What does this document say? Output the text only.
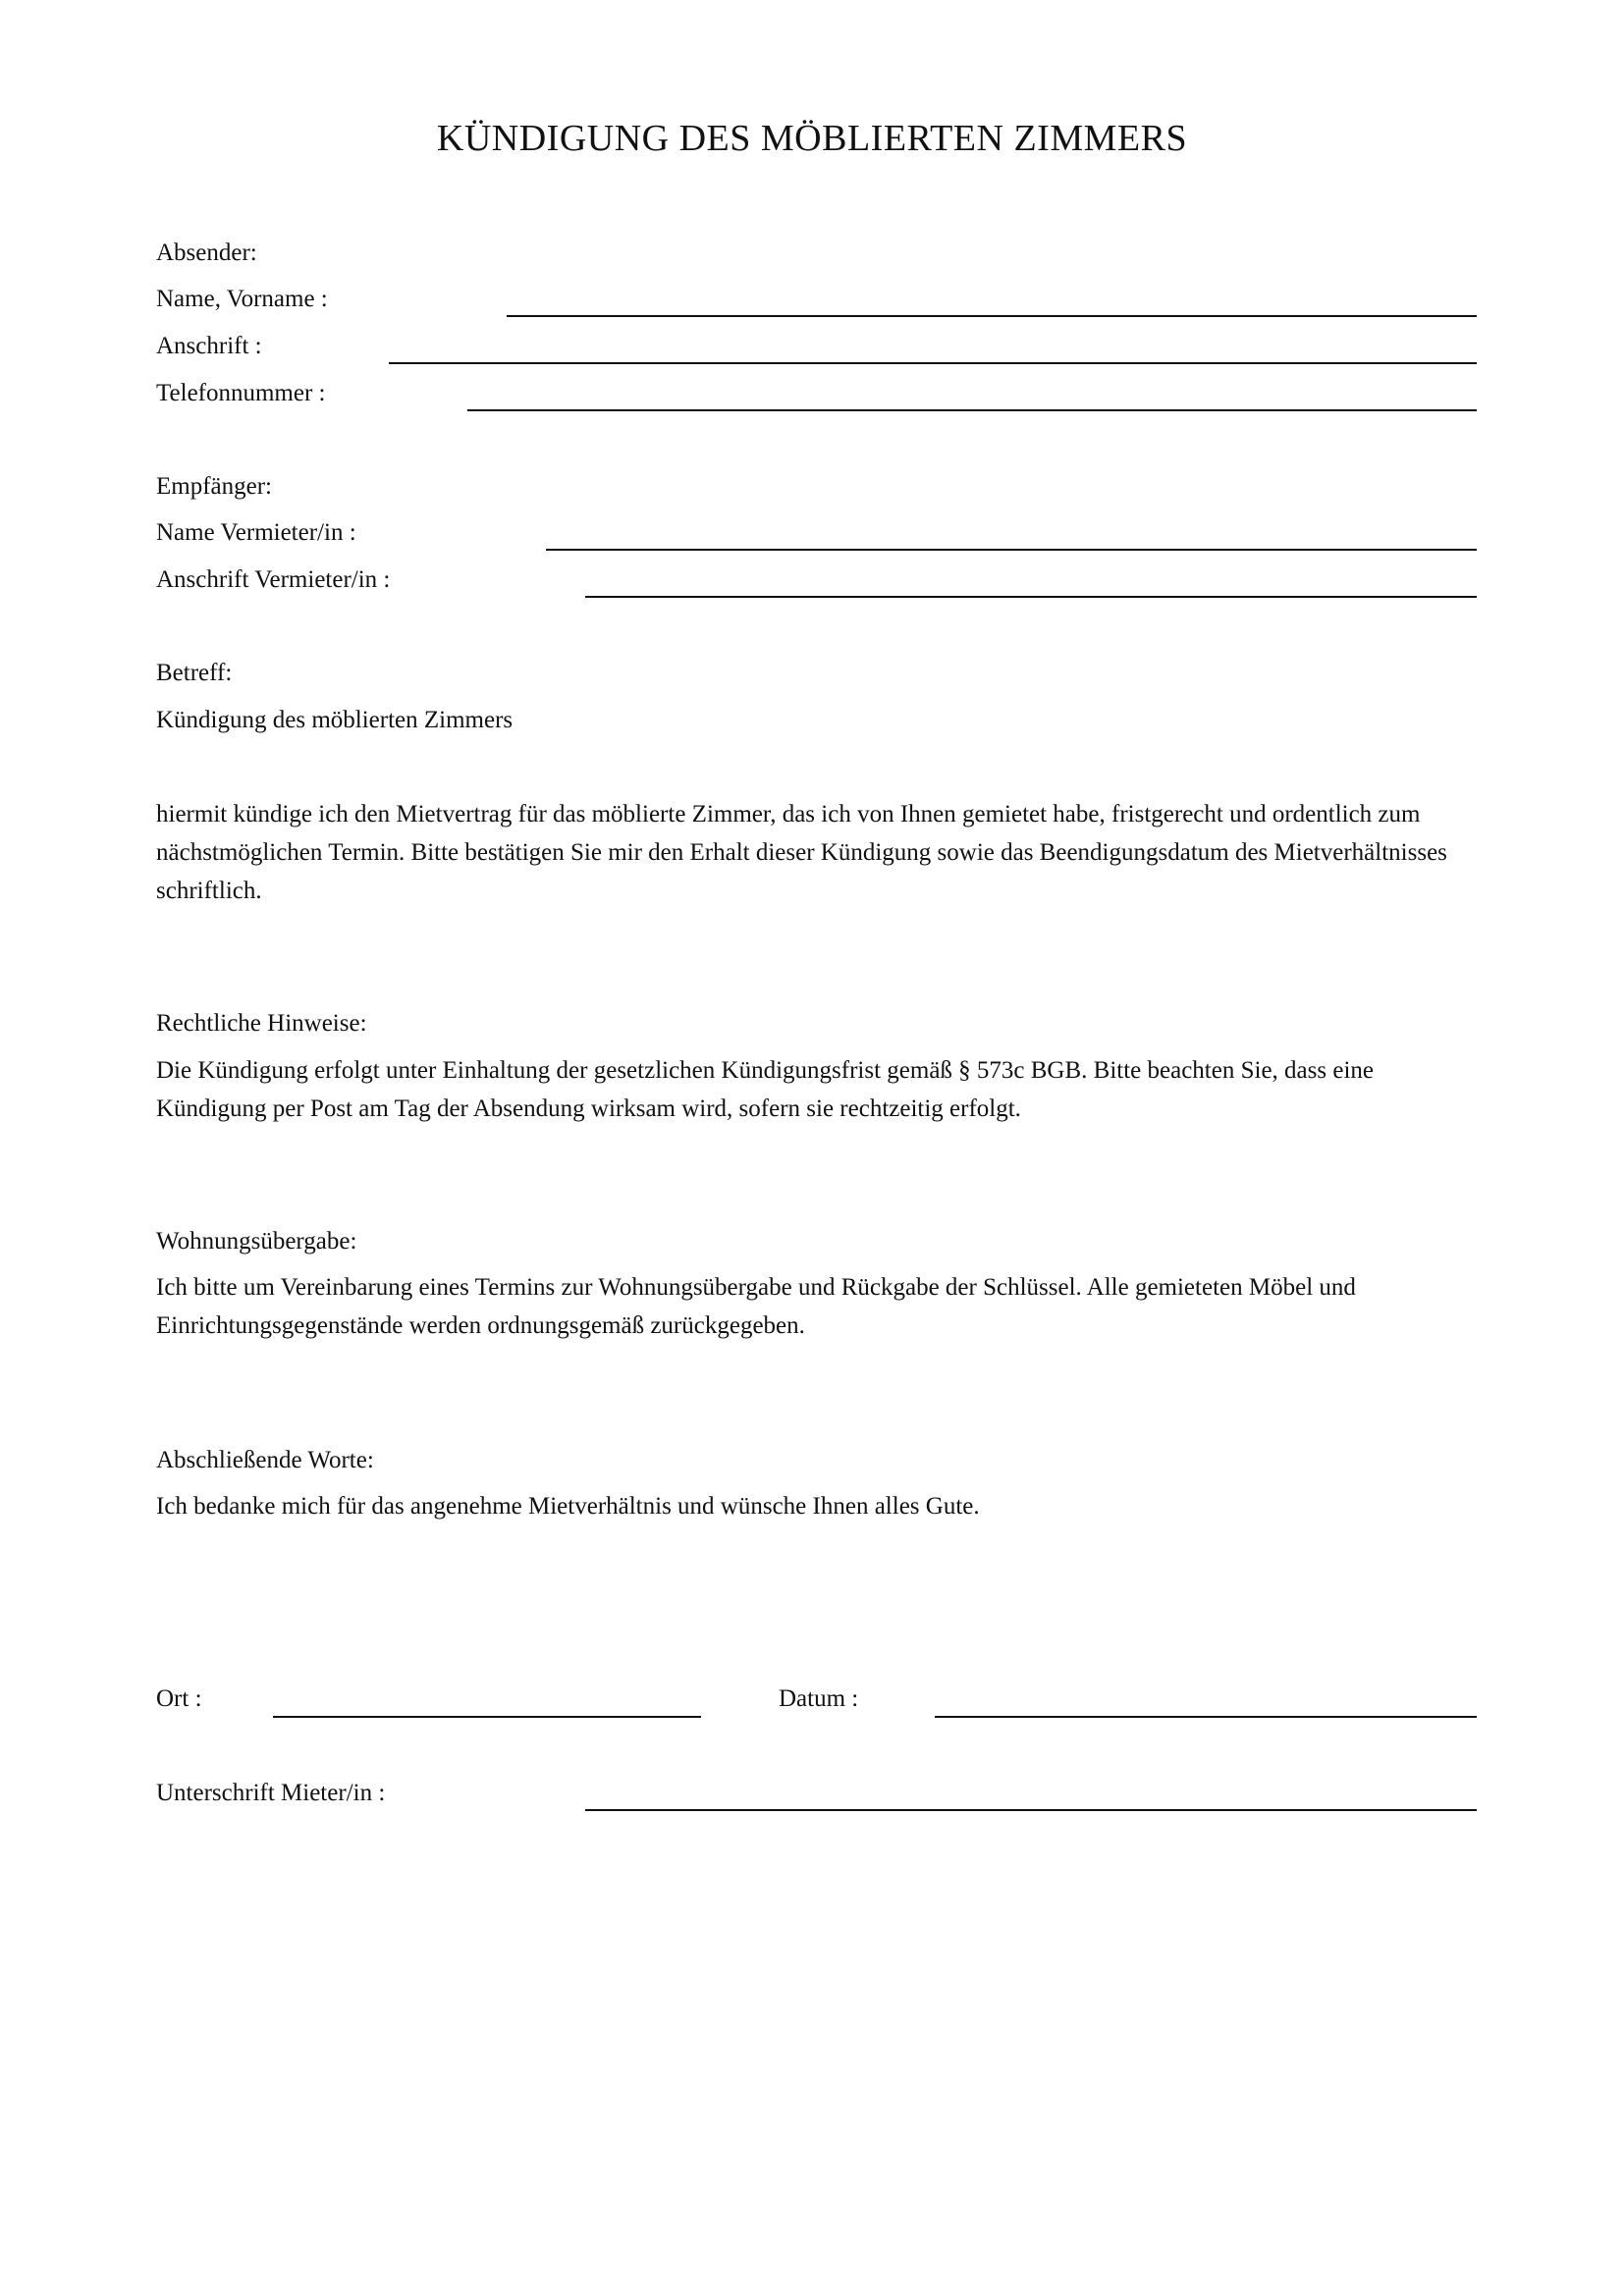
KÜNDIGUNG DES MÖBLIERTEN ZIMMERS
Absender:
Name, Vorname :
Anschrift :
Telefonnummer :
Empfänger:
Name Vermieter/in :
Anschrift Vermieter/in :
Betreff:
Kündigung des möblierten Zimmers
hiermit kündige ich den Mietvertrag für das möblierte Zimmer, das ich von Ihnen gemietet habe, fristgerecht und ordentlich zum nächstmöglichen Termin. Bitte bestätigen Sie mir den Erhalt dieser Kündigung sowie das Beendigungsdatum des Mietverhältnisses schriftlich.
Rechtliche Hinweise:
Die Kündigung erfolgt unter Einhaltung der gesetzlichen Kündigungsfrist gemäß § 573c BGB. Bitte beachten Sie, dass eine Kündigung per Post am Tag der Absendung wirksam wird, sofern sie rechtzeitig erfolgt.
Wohnungsübergabe:
Ich bitte um Vereinbarung eines Termins zur Wohnungsübergabe und Rückgabe der Schlüssel. Alle gemieteten Möbel und Einrichtungsgegenstände werden ordnungsgemäß zurückgegeben.
Abschließende Worte:
Ich bedanke mich für das angenehme Mietverhältnis und wünsche Ihnen alles Gute.
Ort :	Datum :
Unterschrift Mieter/in :
